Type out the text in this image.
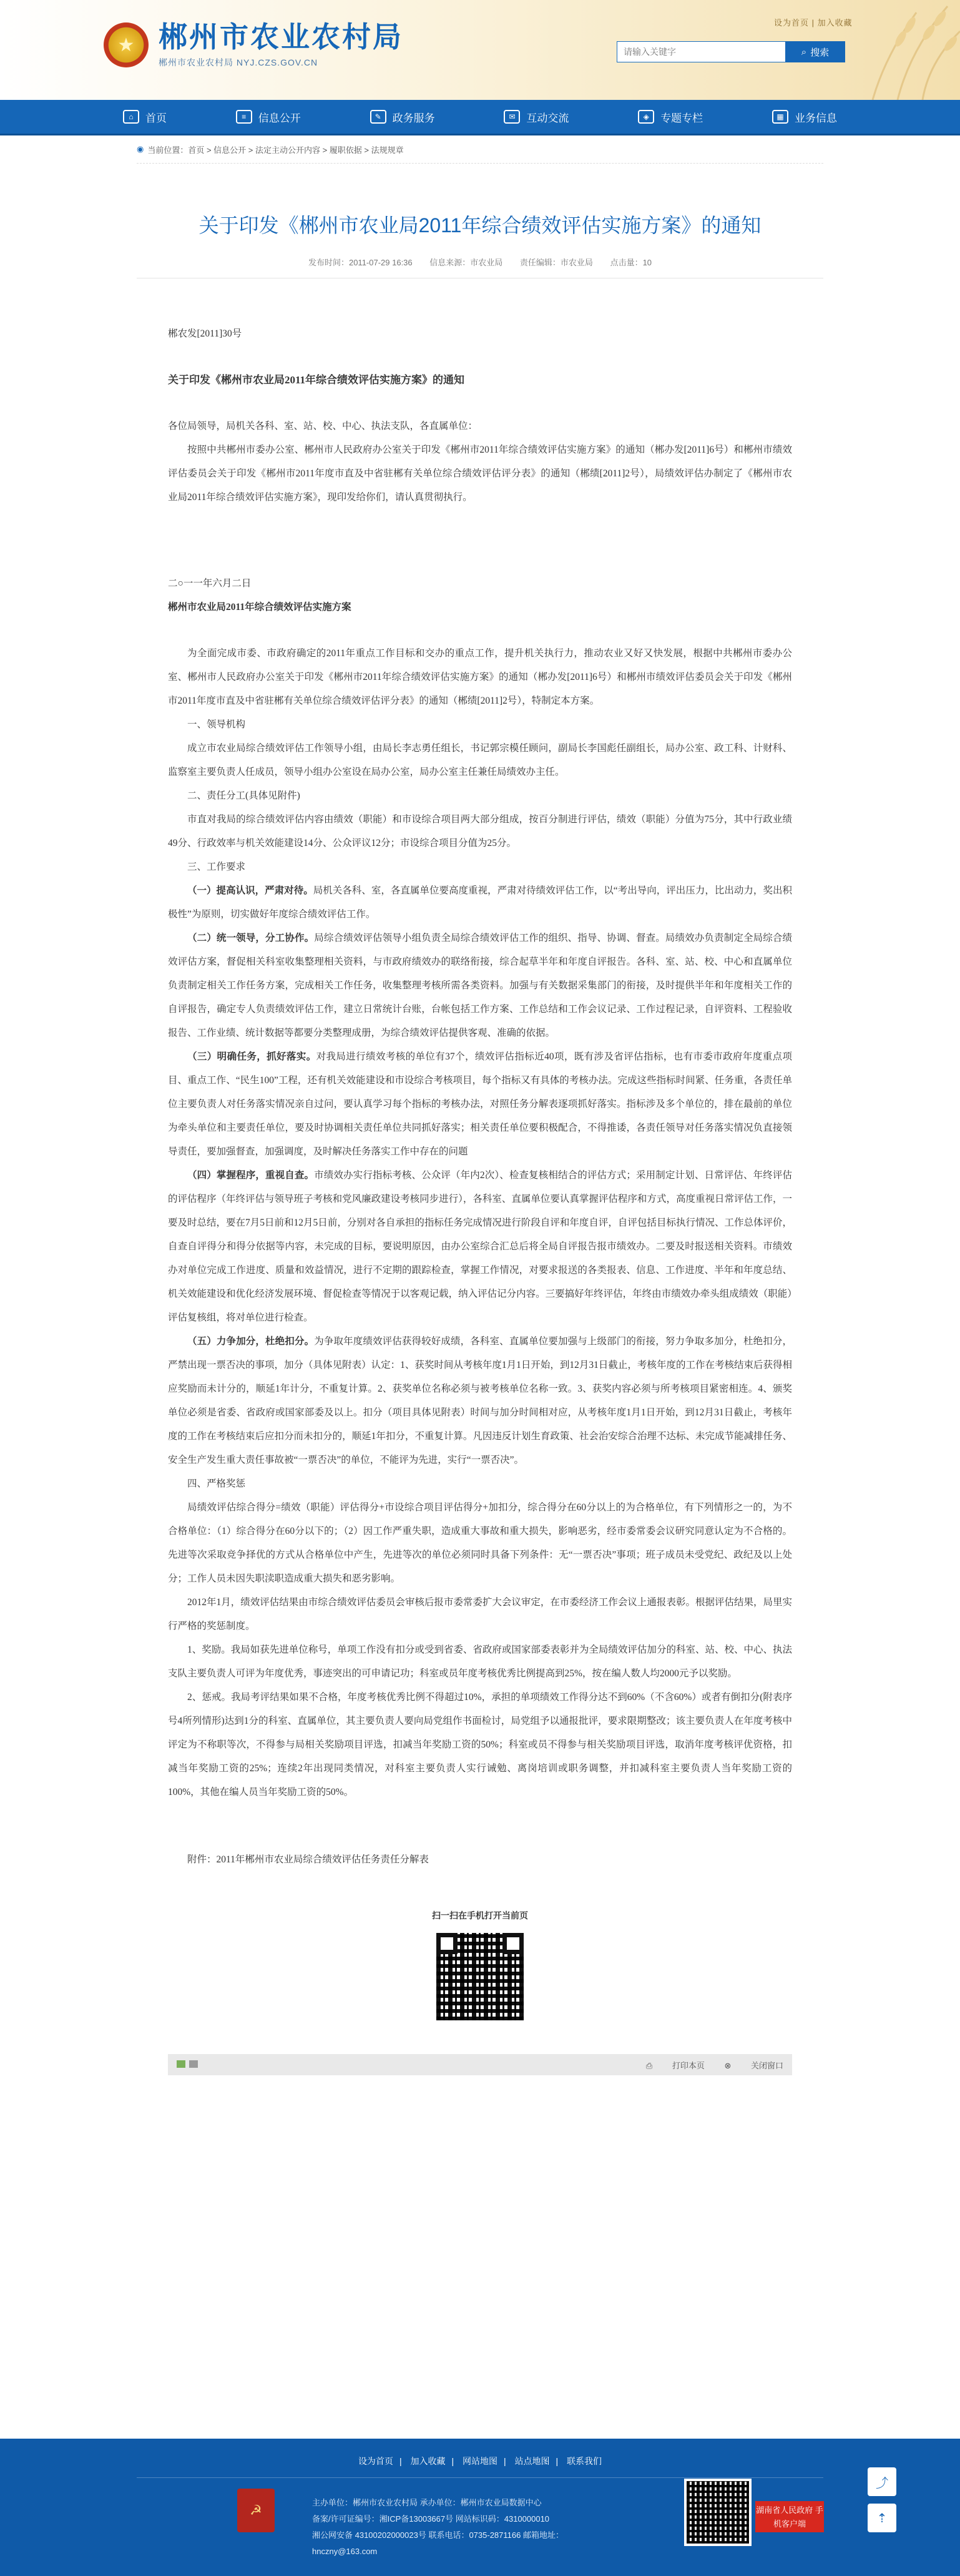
★ 郴州市农业农村局
郴州市农业农村局 NYJ.CZS.GOV.CN
设为首页 | 加入收藏
请输入关键字
⌕ 搜索
⌂	首页	≡	信息公开	✎	政务服务	✉	互动交流	◈	专题专栏	▦	业务信息
◉ 当前位置：首页 > 信息公开 > 法定主动公开内容 > 履职依据 > 法规规章
关于印发《郴州市农业局2011年综合绩效评估实施方案》的通知
发布时间：2011-07-29 16:36 信息来源：市农业局 责任编辑：市农业局 点击量：10

郴农发[2011]30号

关于印发《郴州市农业局2011年综合绩效评估实施方案》的通知

各位局领导，局机关各科、室、站、校、中心、执法支队，各直属单位：

按照中共郴州市委办公室、郴州市人民政府办公室关于印发《郴州市2011年综合绩效评估实施方案》的通知（郴办发[2011]6号）和郴州市绩效评估委员会关于印发《郴州市2011年度市直及中省驻郴有关单位综合绩效评估评分表》的通知（郴绩[2011]2号），局绩效评估办制定了《郴州市农业局2011年综合绩效评估实施方案》，现印发给你们，请认真贯彻执行。

二○一一年六月二日

郴州市农业局2011年综合绩效评估实施方案

为全面完成市委、市政府确定的2011年重点工作目标和交办的重点工作，提升机关执行力，推动农业又好又快发展，根据中共郴州市委办公室、郴州市人民政府办公室关于印发《郴州市2011年综合绩效评估实施方案》的通知（郴办发[2011]6号）和郴州市绩效评估委员会关于印发《郴州市2011年度市直及中省驻郴有关单位综合绩效评估评分表》的通知（郴绩[2011]2号），特制定本方案。

一、领导机构

成立市农业局综合绩效评估工作领导小组，由局长李志勇任组长，书记郭宗模任顾问，副局长李国彪任副组长，局办公室、政工科、计财科、监察室主要负责人任成员，领导小组办公室设在局办公室，局办公室主任兼任局绩效办主任。

二、责任分工(具体见附件)

市直对我局的综合绩效评估内容由绩效（职能）和市设综合项目两大部分组成，按百分制进行评估，绩效（职能）分值为75分，其中行政业绩49分、行政效率与机关效能建设14分、公众评议12分；市设综合项目分值为25分。

三、工作要求

（一）提高认识，严肃对待。局机关各科、室，各直属单位要高度重视，严肃对待绩效评估工作，以“考出导向，评出压力，比出动力，奖出积极性”为原则，切实做好年度综合绩效评估工作。

（二）统一领导，分工协作。局综合绩效评估领导小组负责全局综合绩效评估工作的组织、指导、协调、督查。局绩效办负责制定全局综合绩效评估方案，督促相关科室收集整理相关资料，与市政府绩效办的联络衔接，综合起草半年和年度自评报告。各科、室、站、校、中心和直属单位负责制定相关工作任务方案，完成相关工作任务，收集整理考核所需各类资料。加强与有关数据采集部门的衔接，及时提供半年和年度相关工作的自评报告，确定专人负责绩效评估工作，建立日常统计台账，台帐包括工作方案、工作总结和工作会议记录、工作过程记录，自评资料、工程验收报告、工作业绩、统计数据等都要分类整理成册，为综合绩效评估提供客观、准确的依据。

（三）明确任务，抓好落实。对我局进行绩效考核的单位有37个，绩效评估指标近40项，既有涉及省评估指标，也有市委市政府年度重点项目、重点工作、“民生100”工程，还有机关效能建设和市设综合考核项目，每个指标又有具体的考核办法。完成这些指标时间紧、任务重，各责任单位主要负责人对任务落实情况亲自过问，要认真学习每个指标的考核办法，对照任务分解表逐项抓好落实。指标涉及多个单位的，排在最前的单位为牵头单位和主要责任单位，要及时协调相关责任单位共同抓好落实；相关责任单位要积极配合，不得推诿，各责任领导对任务落实情况负直接领导责任，要加强督查，加强调度，及时解决任务落实工作中存在的问题

（四）掌握程序，重视自查。市绩效办实行指标考核、公众评（年内2次）、检查复核相结合的评估方式；采用制定计划、日常评估、年终评估的评估程序（年终评估与领导班子考核和党风廉政建设考核同步进行），各科室、直属单位要认真掌握评估程序和方式，高度重视日常评估工作，一要及时总结，要在7月5日前和12月5日前，分别对各自承担的指标任务完成情况进行阶段自评和年度自评，自评包括目标执行情况、工作总体评价，自查自评得分和得分依据等内容，未完成的目标，要说明原因，由办公室综合汇总后将全局自评报告报市绩效办。二要及时报送相关资料。市绩效办对单位完成工作进度、质量和效益情况，进行不定期的跟踪检查，掌握工作情况，对要求报送的各类报表、信息、工作进度、半年和年度总结、机关效能建设和优化经济发展环境、督促检查等情况于以客观记载，纳入评估记分内容。三要搞好年终评估，年终由市绩效办牵头组成绩效（职能）评估复核组，将对单位进行检查。

（五）力争加分，杜绝扣分。为争取年度绩效评估获得较好成绩，各科室、直属单位要加强与上级部门的衔接，努力争取多加分，杜绝扣分，严禁出现一票否决的事项，加分（具体见附表）认定：1、获奖时间从考核年度1月1日开始，到12月31日截止，考核年度的工作在考核结束后获得相应奖励而未计分的，顺延1年计分，不重复计算。2、获奖单位名称必须与被考核单位名称一致。3、获奖内容必须与所考核项目紧密相连。4、颁奖单位必须是省委、省政府或国家部委及以上。扣分（项目具体见附表）时间与加分时间相对应，从考核年度1月1日开始，到12月31日截止，考核年度的工作在考核结束后应扣分而未扣分的，顺延1年扣分，不重复计算。凡因违反计划生育政策、社会治安综合治理不达标、未完成节能减排任务、安全生产发生重大责任事故被“一票否决”的单位，不能评为先进，实行“一票否决”。

四、严格奖惩

局绩效评估综合得分=绩效（职能）评估得分+市设综合项目评估得分+加扣分，综合得分在60分以上的为合格单位，有下列情形之一的，为不合格单位：（1）综合得分在60分以下的；（2）因工作严重失职，造成重大事故和重大损失，影响恶劣，经市委常委会议研究同意认定为不合格的。先进等次采取竞争择优的方式从合格单位中产生，先进等次的单位必须同时具备下列条件：无“一票否决”事项；班子成员未受党纪、政纪及以上处分；工作人员未因失职渎职造成重大损失和恶劣影响。

2012年1月，绩效评估结果由市综合绩效评估委员会审核后报市委常委扩大会议审定，在市委经济工作会议上通报表彰。根据评估结果，局里实行严格的奖惩制度。

1、奖励。我局如获先进单位称号，单项工作没有扣分或受到省委、省政府或国家部委表彰并为全局绩效评估加分的科室、站、校、中心、执法支队主要负责人可评为年度优秀，事迹突出的可申请记功；科室或员年度考核优秀比例提高到25%，按在编人数人均2000元予以奖励。

2、惩戒。我局考评结果如果不合格，年度考核优秀比例不得超过10%，承担的单项绩效工作得分达不到60%（不含60%）或者有倒扣分(附表序号4所列情形)达到1分的科室、直属单位，其主要负责人要向局党组作书面检讨，局党组予以通报批评，要求限期整改；该主要负责人在年度考核中评定为不称职等次，不得参与局相关奖励项目评选，扣减当年奖励工资的50%；科室或员不得参与相关奖励项目评选，取消年度考核评优资格，扣减当年奖励工资的25%；连续2年出现同类情况，对科室主要负责人实行诫勉、离岗培训或职务调整，并扣减科室主要负责人当年奖励工资的100%，其他在编人员当年奖励工资的50%。

附件：2011年郴州市农业局综合绩效评估任务责任分解表

扫一扫在手机打开当前页
⎙ 打印本页 ⊗ 关闭窗口
设为首页 | 加入收藏 | 网站地图 | 站点地图 | 联系我们
☭	主办单位：郴州市农业农村局 承办单位：郴州市农业局数据中心
备案/许可证编号：湘ICP备13003667号 网站标识码：4310000010
湘公网安备 43100202000023号 联系电话：0735-2871166 邮箱地址：
hnczny@163.com
湖南省人民政府 手机客户端
⤴
⇡
